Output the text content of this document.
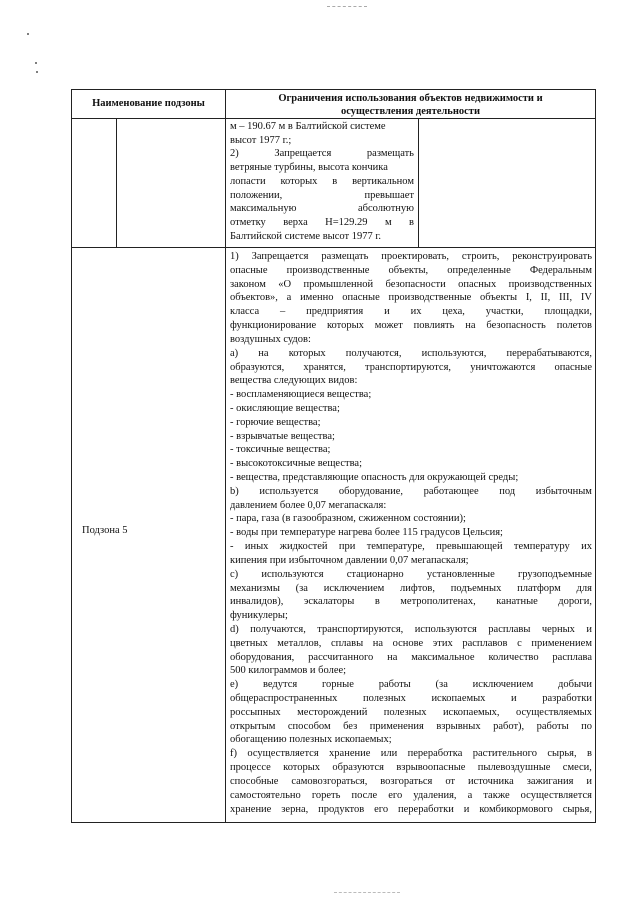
Наименование подзоны	Ограничения использования объектов недвижимости и
осуществления деятельности
м – 190.67 м в Балтийской системе
высот 1977 г.;
2)	Запрещается	размещать
ветряные турбины, высота кончика
лопасти которых в вертикальном
положении,	превышает
максимальную	абсолютную
отметку верха Н=129.29 м в
Балтийской системе высот 1977 г.
Подзона 5
1) Запрещается размещать проектировать, строить, реконструировать
опасные производственные объекты, определенные Федеральным
законом «О промышленной безопасности опасных производственных
объектов», а именно опасные производственные объекты I, II, III, IV
класса – предприятия и их цеха, участки, площадки,
функционирование которых может повлиять на безопасность полетов
воздушных судов:
а) на которых получаются, используются, перерабатываются,
образуются, хранятся, транспортируются, уничтожаются опасные
вещества следующих видов:
- воспламеняющиеся вещества;
- окисляющие вещества;
- горючие вещества;
- взрывчатые вещества;
- токсичные вещества;
- высокотоксичные вещества;
- вещества, представляющие опасность для окружающей среды;
b) используется оборудование, работающее под избыточным
давлением более 0,07 мегапаскаля:
- пара, газа (в газообразном, сжиженном состоянии);
- воды при температуре нагрева более 115 градусов Цельсия;
- иных жидкостей при температуре, превышающей температуру их
кипения при избыточном давлении 0,07 мегапаскаля;
с) используются стационарно установленные грузоподъемные
механизмы (за исключением лифтов, подъемных платформ для
инвалидов), эскалаторы в метрополитенах, канатные дороги,
фуникулеры;
d) получаются, транспортируются, используются расплавы черных и
цветных металлов, сплавы на основе этих расплавов с применением
оборудования, рассчитанного на максимальное количество расплава
500 килограммов и более;
е) ведутся горные работы (за исключением добычи
общераспространенных полезных ископаемых и разработки
россыпных месторождений полезных ископаемых, осуществляемых
открытым способом без применения взрывных работ), работы по
обогащению полезных ископаемых;
f) осуществляется хранение или переработка растительного сырья, в
процессе которых образуются взрывоопасные пылевоздушные смеси,
способные самовозгораться, возгораться от источника зажигания и
самостоятельно гореть после его удаления, а также осуществляется
хранение зерна, продуктов его переработки и комбикормового сырья,
